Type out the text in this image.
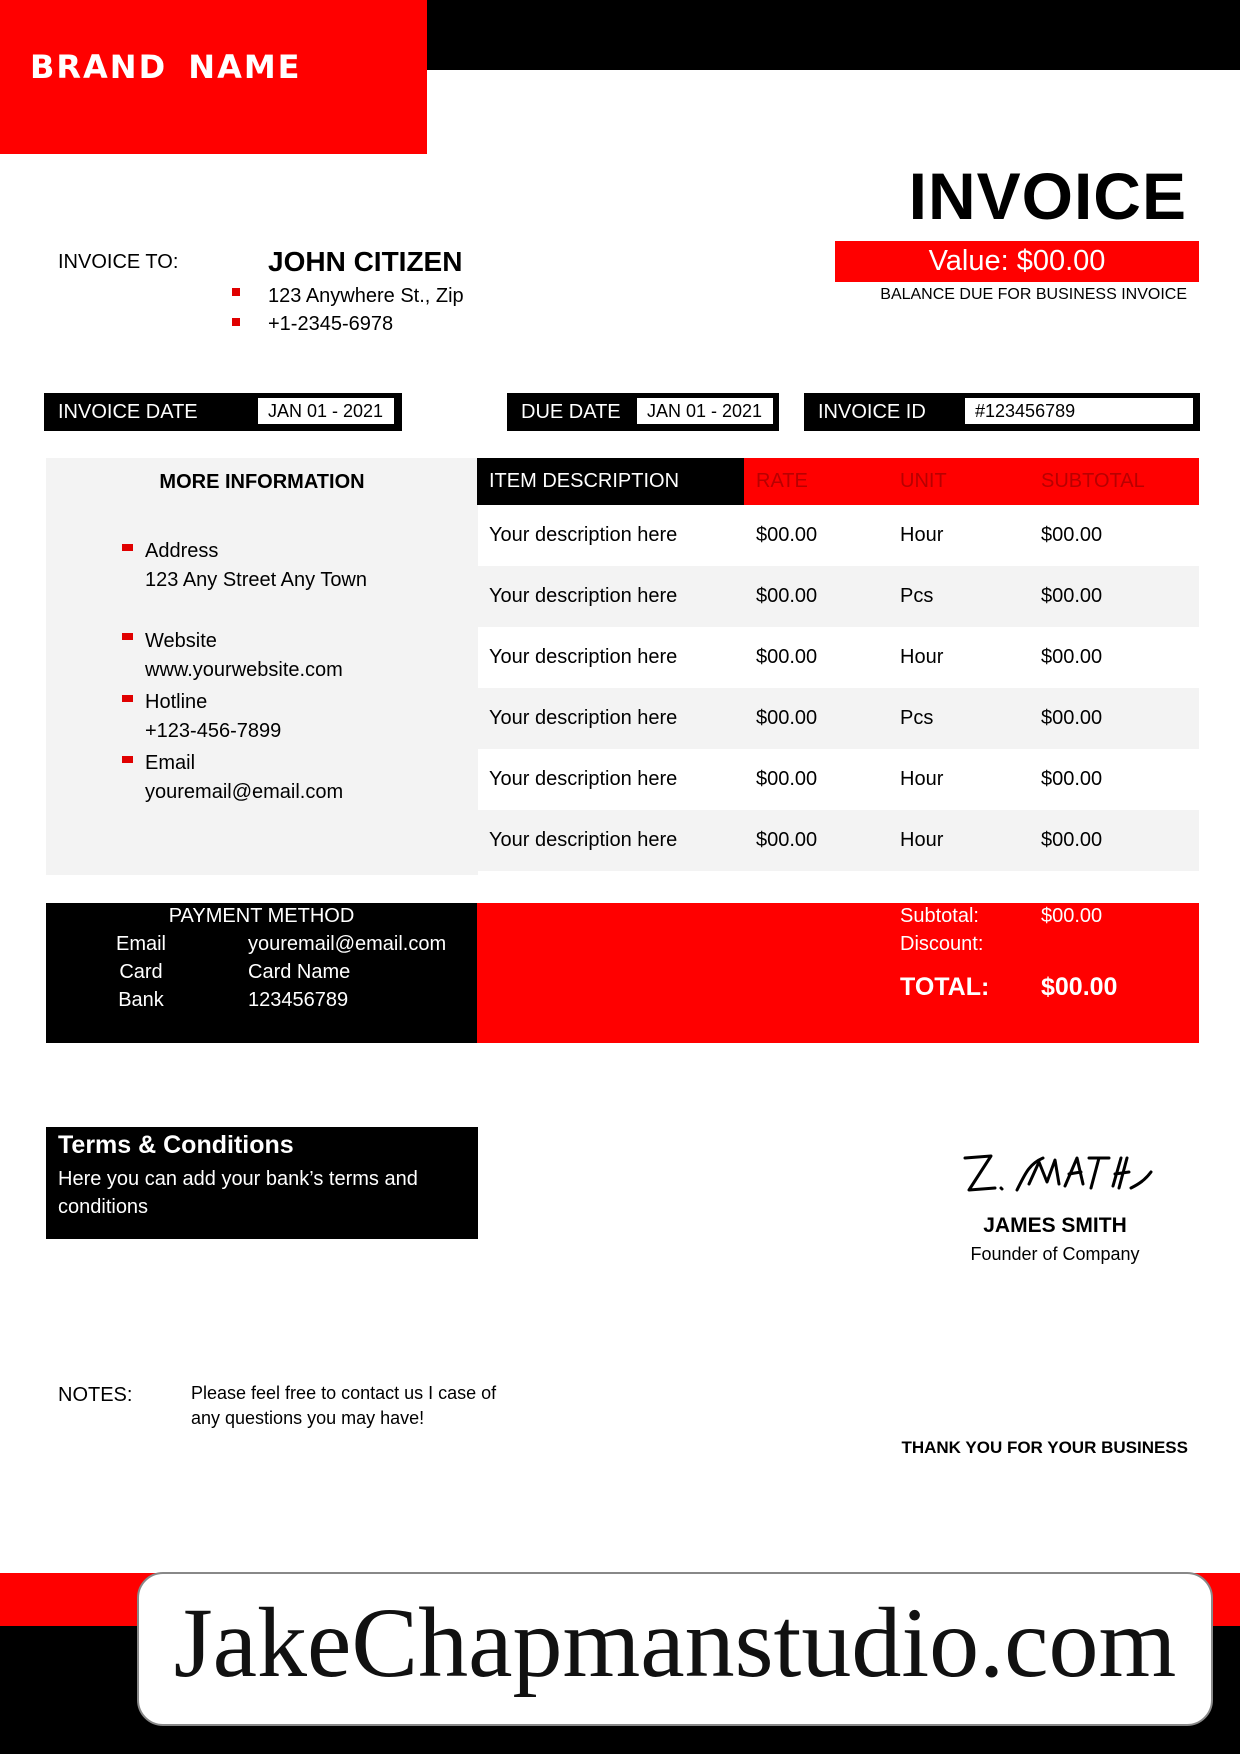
BRAND NAME
INVOICE
Value: $00.00
BALANCE DUE FOR BUSINESS INVOICE
INVOICE TO:	JOHN CITIZEN
123 Anywhere St., Zip
+1-2345-6978
INVOICE DATE	JAN 01 - 2021	DUE DATE	JAN 01 - 2021	INVOICE ID	#123456789
MORE INFORMATION
Address
123 Any Street Any Town
Website
www.yourwebsite.com
Hotline
+123-456-7899
Email
youremail@email.com
ITEM DESCRIPTION	RATE	UNIT	SUBTOTAL
Your description here	$00.00	Hour	$00.00
Your description here	$00.00	Pcs	$00.00
Your description here	$00.00	Hour	$00.00
Your description here	$00.00	Pcs	$00.00
Your description here	$00.00	Hour	$00.00
Your description here	$00.00	Hour	$00.00
PAYMENT METHOD
Email	youremail@email.com
Card	Card Name
Bank	123456789
Subtotal:	$00.00
Discount:
TOTAL: $00.00
Terms & Conditions
Here you can add your bank’s terms and conditions
JAMES SMITH
Founder of Company
NOTES:	Please feel free to contact us I case of any questions you may have!
THANK YOU FOR YOUR BUSINESS
JakeChapmanstudio.com
